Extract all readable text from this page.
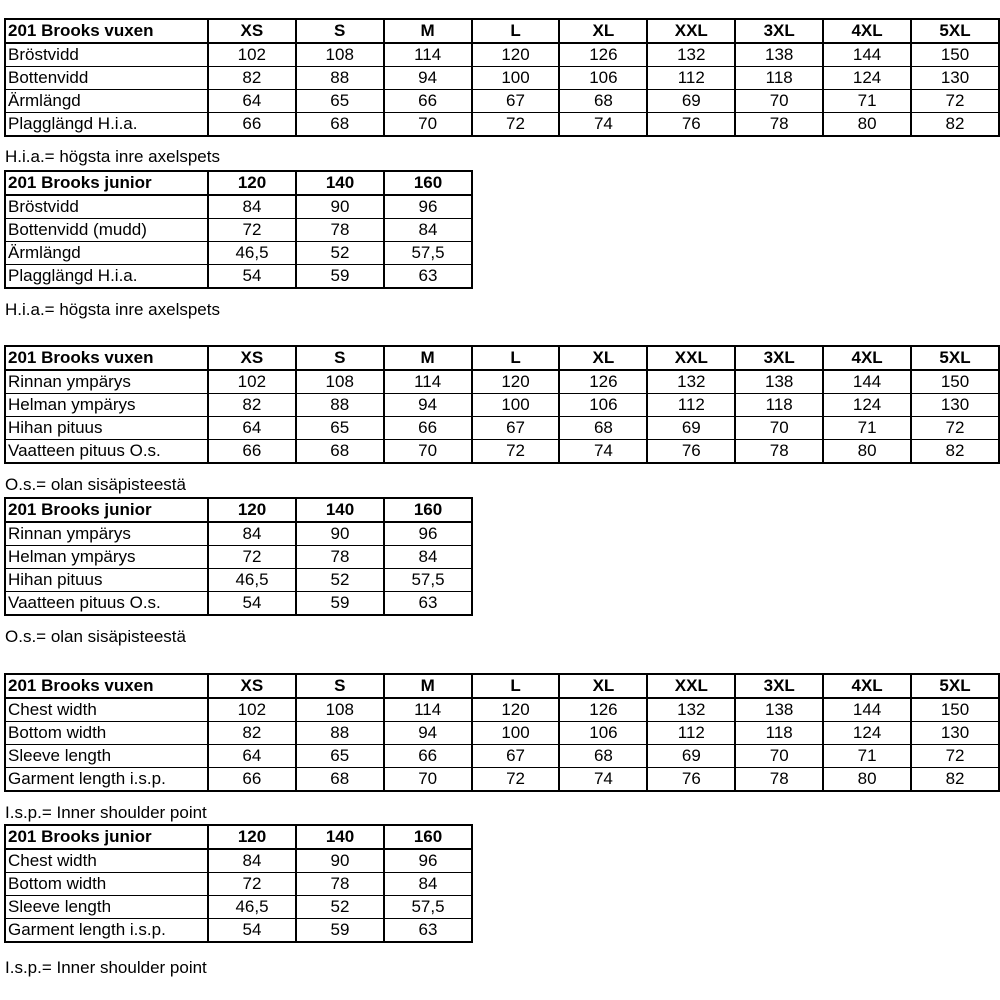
201 Brooks vuxen	XS	S	M	L	XL	XXL	3XL	4XL	5XL
Bröstvidd	102	108	114	120	126	132	138	144	150
Bottenvidd	82	88	94	100	106	112	118	124	130
Ärmlängd	64	65	66	67	68	69	70	71	72
Plagglängd H.i.a.	66	68	70	72	74	76	78	80	82
H.i.a.= högsta inre axelspets
201 Brooks junior	120	140	160
Bröstvidd	84	90	96
Bottenvidd (mudd)	72	78	84
Ärmlängd	46,5	52	57,5
Plagglängd H.i.a.	54	59	63
H.i.a.= högsta inre axelspets
201 Brooks vuxen	XS	S	M	L	XL	XXL	3XL	4XL	5XL
Rinnan ympärys	102	108	114	120	126	132	138	144	150
Helman ympärys	82	88	94	100	106	112	118	124	130
Hihan pituus	64	65	66	67	68	69	70	71	72
Vaatteen pituus O.s.	66	68	70	72	74	76	78	80	82
O.s.= olan sisäpisteestä
201 Brooks junior	120	140	160
Rinnan ympärys	84	90	96
Helman ympärys	72	78	84
Hihan pituus	46,5	52	57,5
Vaatteen pituus O.s.	54	59	63
O.s.= olan sisäpisteestä
201 Brooks vuxen	XS	S	M	L	XL	XXL	3XL	4XL	5XL
Chest width	102	108	114	120	126	132	138	144	150
Bottom width	82	88	94	100	106	112	118	124	130
Sleeve length	64	65	66	67	68	69	70	71	72
Garment length i.s.p.	66	68	70	72	74	76	78	80	82
I.s.p.= Inner shoulder point
201 Brooks junior	120	140	160
Chest width	84	90	96
Bottom width	72	78	84
Sleeve length	46,5	52	57,5
Garment length i.s.p.	54	59	63
I.s.p.= Inner shoulder point
